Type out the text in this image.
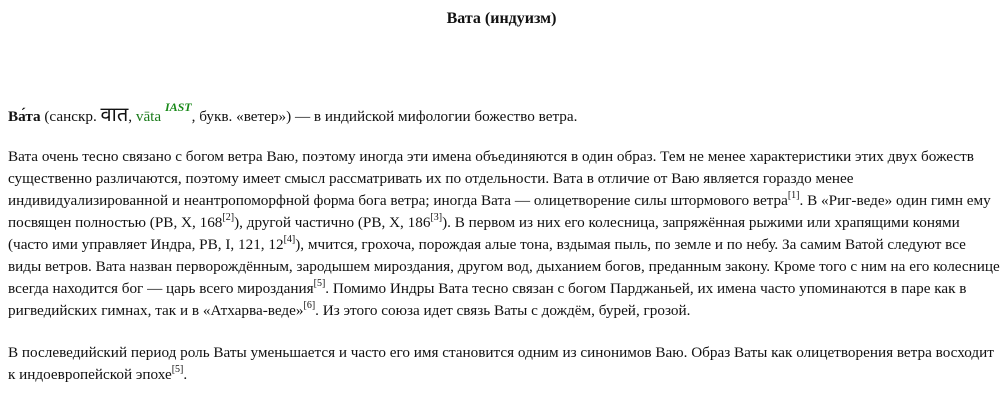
Вата (индуизм)

Ва́та (санскр. वात, vāta $^{IAST}$, букв. «ветер») — в индийской мифологии божество ветра.

Вата очень тесно связано с богом ветра Ваю, поэтому иногда эти имена объединяются в один образ. Тем не менее характеристики этих двух божеств существенно различаются, поэтому имеет смысл рассматривать их по отдельности. Вата в отличие от Ваю является гораздо менее индивидуализированной и неантропоморфной форма бога ветра; иногда Вата — олицетворение силы штормового ветра[1]. В «Риг-веде» один гимн ему посвящен полностью (РВ, X, 168[2]), другой частично (РВ, X, 186[3]). В первом из них его колесница, запряжённая рыжими или храпящими конями (часто ими управляет Индра, РВ, I, 121, 12[4]), мчится, грохоча, порождая алые тона, вздымая пыль, по земле и по небу. За самим Ватой следуют все виды ветров. Вата назван перворождённым, зародышем мироздания, другом вод, дыханием богов, преданным закону. Кроме того с ним на его колеснице всегда находится бог — царь всего мироздания[5]. Помимо Индры Вата тесно связан с богом Парджаньей, их имена часто упоминаются в паре как в ригведийских гимнах, так и в «Атхарва-веде»[6]. Из этого союза идет связь Ваты с дождём, бурей, грозой.

В послеведийский период роль Ваты уменьшается и часто его имя становится одним из синонимов Ваю. Образ Ваты как олицетворения ветра восходит к индоевропейской эпохе[5].
